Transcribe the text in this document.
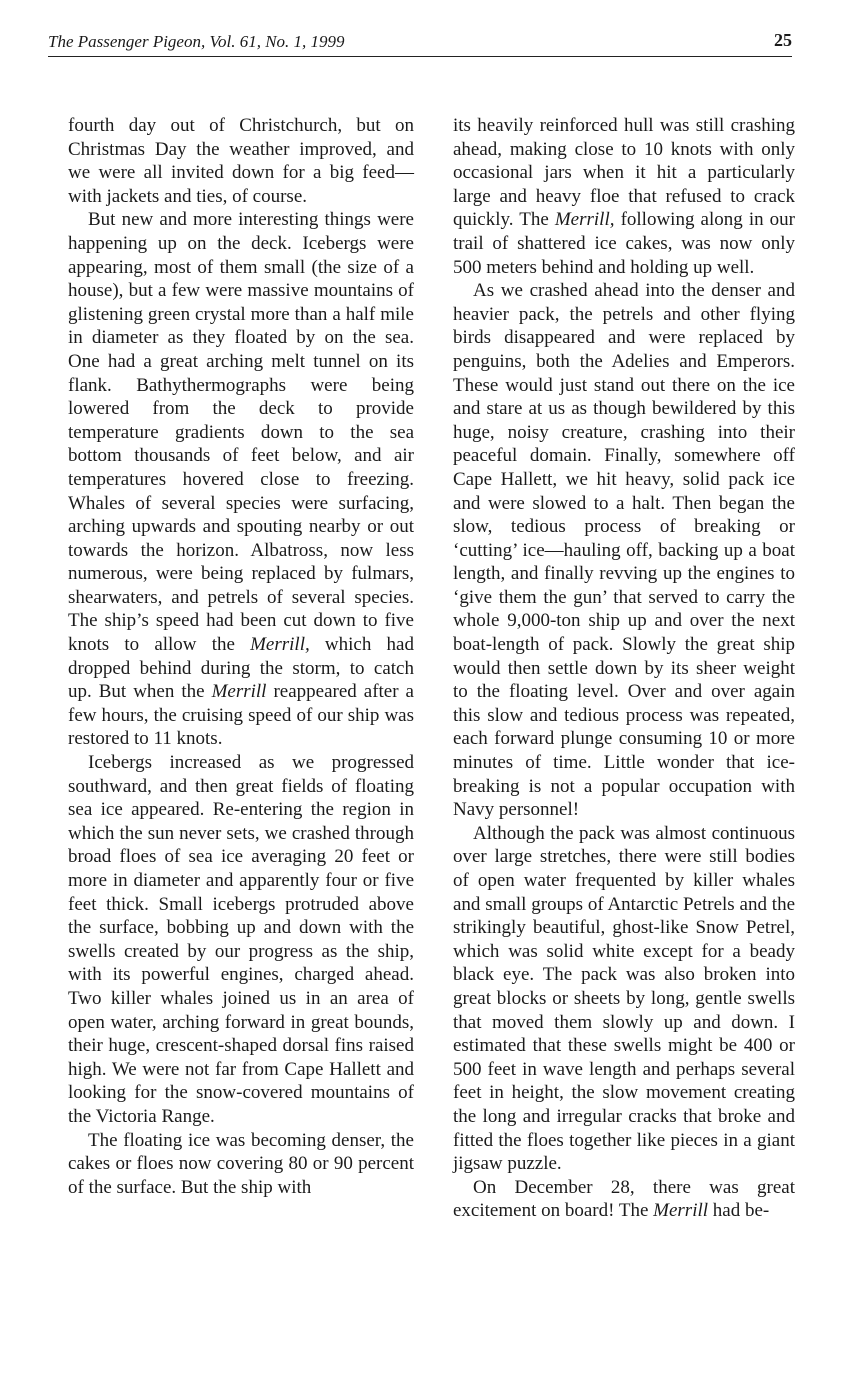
The Passenger Pigeon, Vol. 61, No. 1, 1999	25

fourth day out of Christchurch, but on Christmas Day the weather improved, and we were all invited down for a big feed—with jackets and ties, of course.

But new and more interesting things were happening up on the deck. Icebergs were appearing, most of them small (the size of a house), but a few were massive mountains of glistening green crystal more than a half mile in diameter as they floated by on the sea. One had a great arching melt tunnel on its flank. Bathythermographs were being lowered from the deck to provide temperature gradients down to the sea bottom thousands of feet below, and air temperatures hovered close to freezing. Whales of several species were surfacing, arching upwards and spouting nearby or out towards the horizon. Albatross, now less numerous, were being replaced by fulmars, shearwaters, and petrels of several species. The ship’s speed had been cut down to five knots to allow the Merrill, which had dropped behind during the storm, to catch up. But when the Merrill reappeared after a few hours, the cruising speed of our ship was restored to 11 knots.

Icebergs increased as we progressed southward, and then great fields of floating sea ice appeared. Re-entering the region in which the sun never sets, we crashed through broad floes of sea ice averaging 20 feet or more in diameter and apparently four or five feet thick. Small icebergs protruded above the surface, bobbing up and down with the swells created by our progress as the ship, with its powerful engines, charged ahead. Two killer whales joined us in an area of open water, arching forward in great bounds, their huge, crescent-shaped dorsal fins raised high. We were not far from Cape Hallett and looking for the snow-covered mountains of the Victoria Range.

The floating ice was becoming denser, the cakes or floes now covering 80 or 90 percent of the surface. But the ship with

its heavily reinforced hull was still crashing ahead, making close to 10 knots with only occasional jars when it hit a particularly large and heavy floe that refused to crack quickly. The Merrill, following along in our trail of shattered ice cakes, was now only 500 meters behind and holding up well.

As we crashed ahead into the denser and heavier pack, the petrels and other flying birds disappeared and were replaced by penguins, both the Adelies and Emperors. These would just stand out there on the ice and stare at us as though bewildered by this huge, noisy creature, crashing into their peaceful domain. Finally, somewhere off Cape Hallett, we hit heavy, solid pack ice and were slowed to a halt. Then began the slow, tedious process of breaking or ‘cutting’ ice—hauling off, backing up a boat length, and finally revving up the engines to ‘give them the gun’ that served to carry the whole 9,000-ton ship up and over the next boat-length of pack. Slowly the great ship would then settle down by its sheer weight to the floating level. Over and over again this slow and tedious process was repeated, each forward plunge consuming 10 or more minutes of time. Little wonder that ice-breaking is not a popular occupation with Navy personnel!

Although the pack was almost continuous over large stretches, there were still bodies of open water frequented by killer whales and small groups of Antarctic Petrels and the strikingly beautiful, ghost-like Snow Petrel, which was solid white except for a beady black eye. The pack was also broken into great blocks or sheets by long, gentle swells that moved them slowly up and down. I estimated that these swells might be 400 or 500 feet in wave length and perhaps several feet in height, the slow movement creating the long and irregular cracks that broke and fitted the floes together like pieces in a giant jigsaw puzzle.

On December 28, there was great excitement on board! The Merrill had be-
